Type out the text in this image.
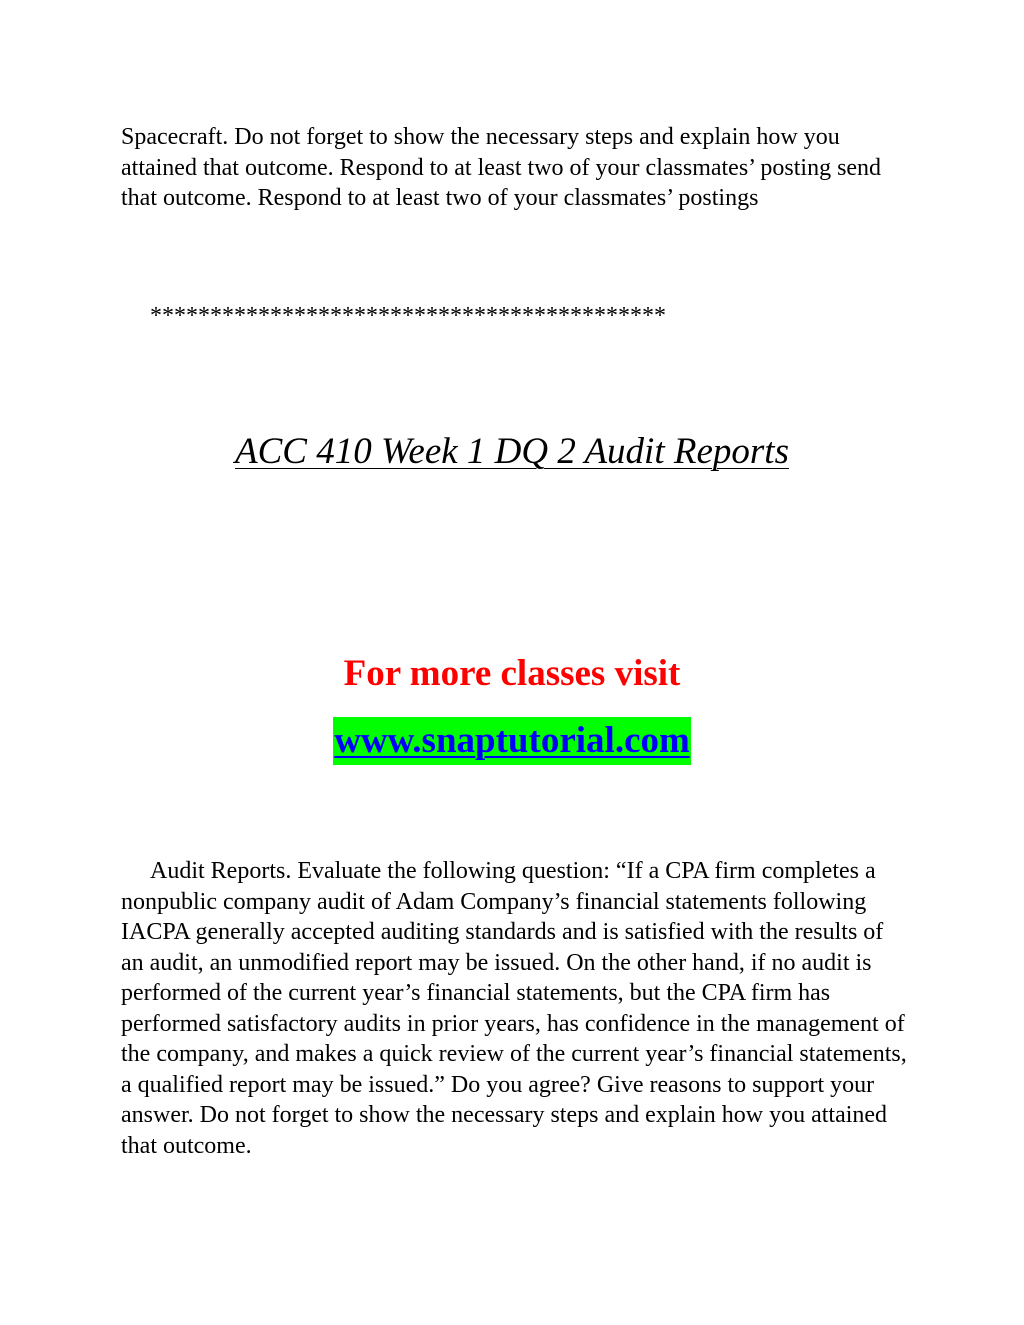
Spacecraft. Do not forget to show the necessary steps and explain how you attained that outcome. Respond to at least two of your classmates’ posting send that outcome. Respond to at least two of your classmates’ postings

*******************************************
ACC 410 Week 1 DQ 2 Audit Reports

For more classes visit

www.snaptutorial.com

Audit Reports. Evaluate the following question: “If a CPA firm completes a nonpublic company audit of Adam Company’s financial statements following IACPA generally accepted auditing standards and is satisfied with the results of an audit, an unmodified report may be issued. On the other hand, if no audit is performed of the current year’s financial statements, but the CPA firm has performed satisfactory audits in prior years, has confidence in the management of the company, and makes a quick review of the current year’s financial statements, a qualified report may be issued.” Do you agree? Give reasons to support your answer. Do not forget to show the necessary steps and explain how you attained that outcome.
